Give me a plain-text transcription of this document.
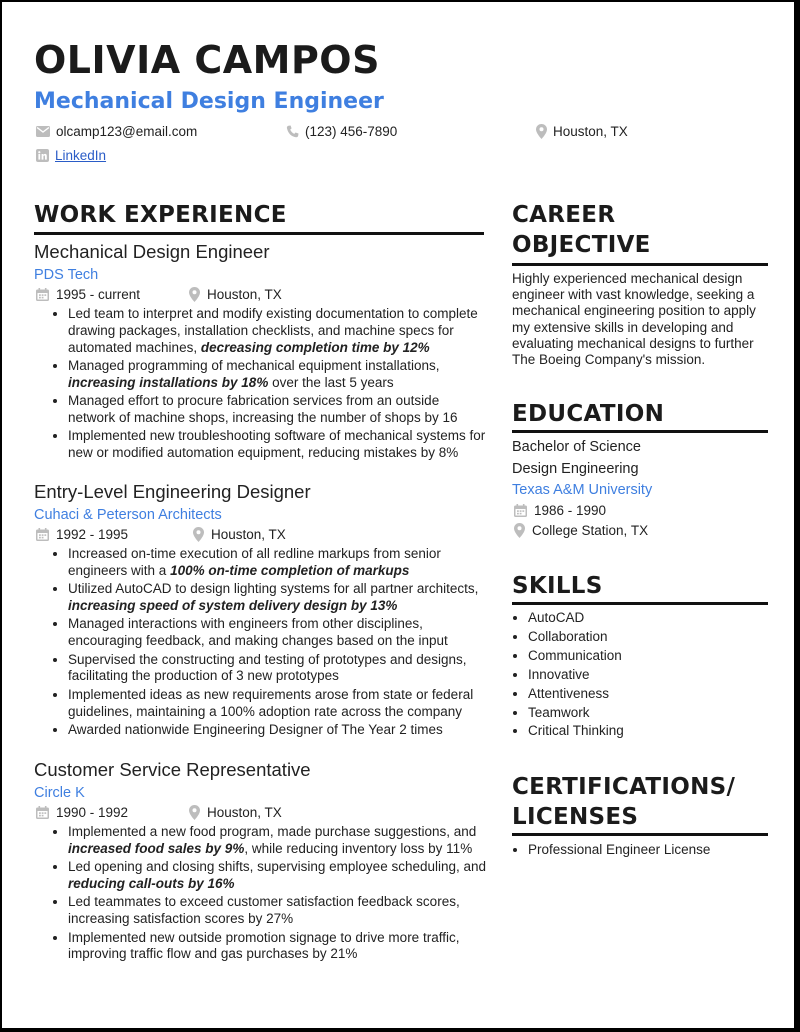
OLIVIA CAMPOS
Mechanical Design Engineer
olcamp123@email.com	(123) 456-7890	Houston, TX
LinkedIn
WORK EXPERIENCE
Mechanical Design Engineer
PDS Tech
1995 - current	Houston, TX
• Led team to interpret and modify existing documentation to complete drawing packages, installation checklists, and machine specs for automated machines, decreasing completion time by 12%
• Managed programming of mechanical equipment installations, increasing installations by 18% over the last 5 years
• Managed effort to procure fabrication services from an outside network of machine shops, increasing the number of shops by 16
• Implemented new troubleshooting software of mechanical systems for new or modified automation equipment, reducing mistakes by 8%
Entry-Level Engineering Designer
Cuhaci & Peterson Architects
1992 - 1995	Houston, TX
• Increased on-time execution of all redline markups from senior engineers with a 100% on-time completion of markups
• Utilized AutoCAD to design lighting systems for all partner architects, increasing speed of system delivery design by 13%
• Managed interactions with engineers from other disciplines, encouraging feedback, and making changes based on the input
• Supervised the constructing and testing of prototypes and designs, facilitating the production of 3 new prototypes
• Implemented ideas as new requirements arose from state or federal guidelines, maintaining a 100% adoption rate across the company
• Awarded nationwide Engineering Designer of The Year 2 times
Customer Service Representative
Circle K
1990 - 1992	Houston, TX
• Implemented a new food program, made purchase suggestions, and increased food sales by 9%, while reducing inventory loss by 11%
• Led opening and closing shifts, supervising employee scheduling, and reducing call-outs by 16%
• Led teammates to exceed customer satisfaction feedback scores, increasing satisfaction scores by 27%
• Implemented new outside promotion signage to drive more traffic, improving traffic flow and gas purchases by 21%
CAREER
OBJECTIVE
Highly experienced mechanical design engineer with vast knowledge, seeking a mechanical engineering position to apply my extensive skills in developing and evaluating mechanical designs to further The Boeing Company's mission.
EDUCATION
Bachelor of Science
Design Engineering
Texas A&M University
1986 - 1990
College Station, TX
SKILLS
• AutoCAD
• Collaboration
• Communication
• Innovative
• Attentiveness
• Teamwork
• Critical Thinking
CERTIFICATIONS/
LICENSES
• Professional Engineer License
